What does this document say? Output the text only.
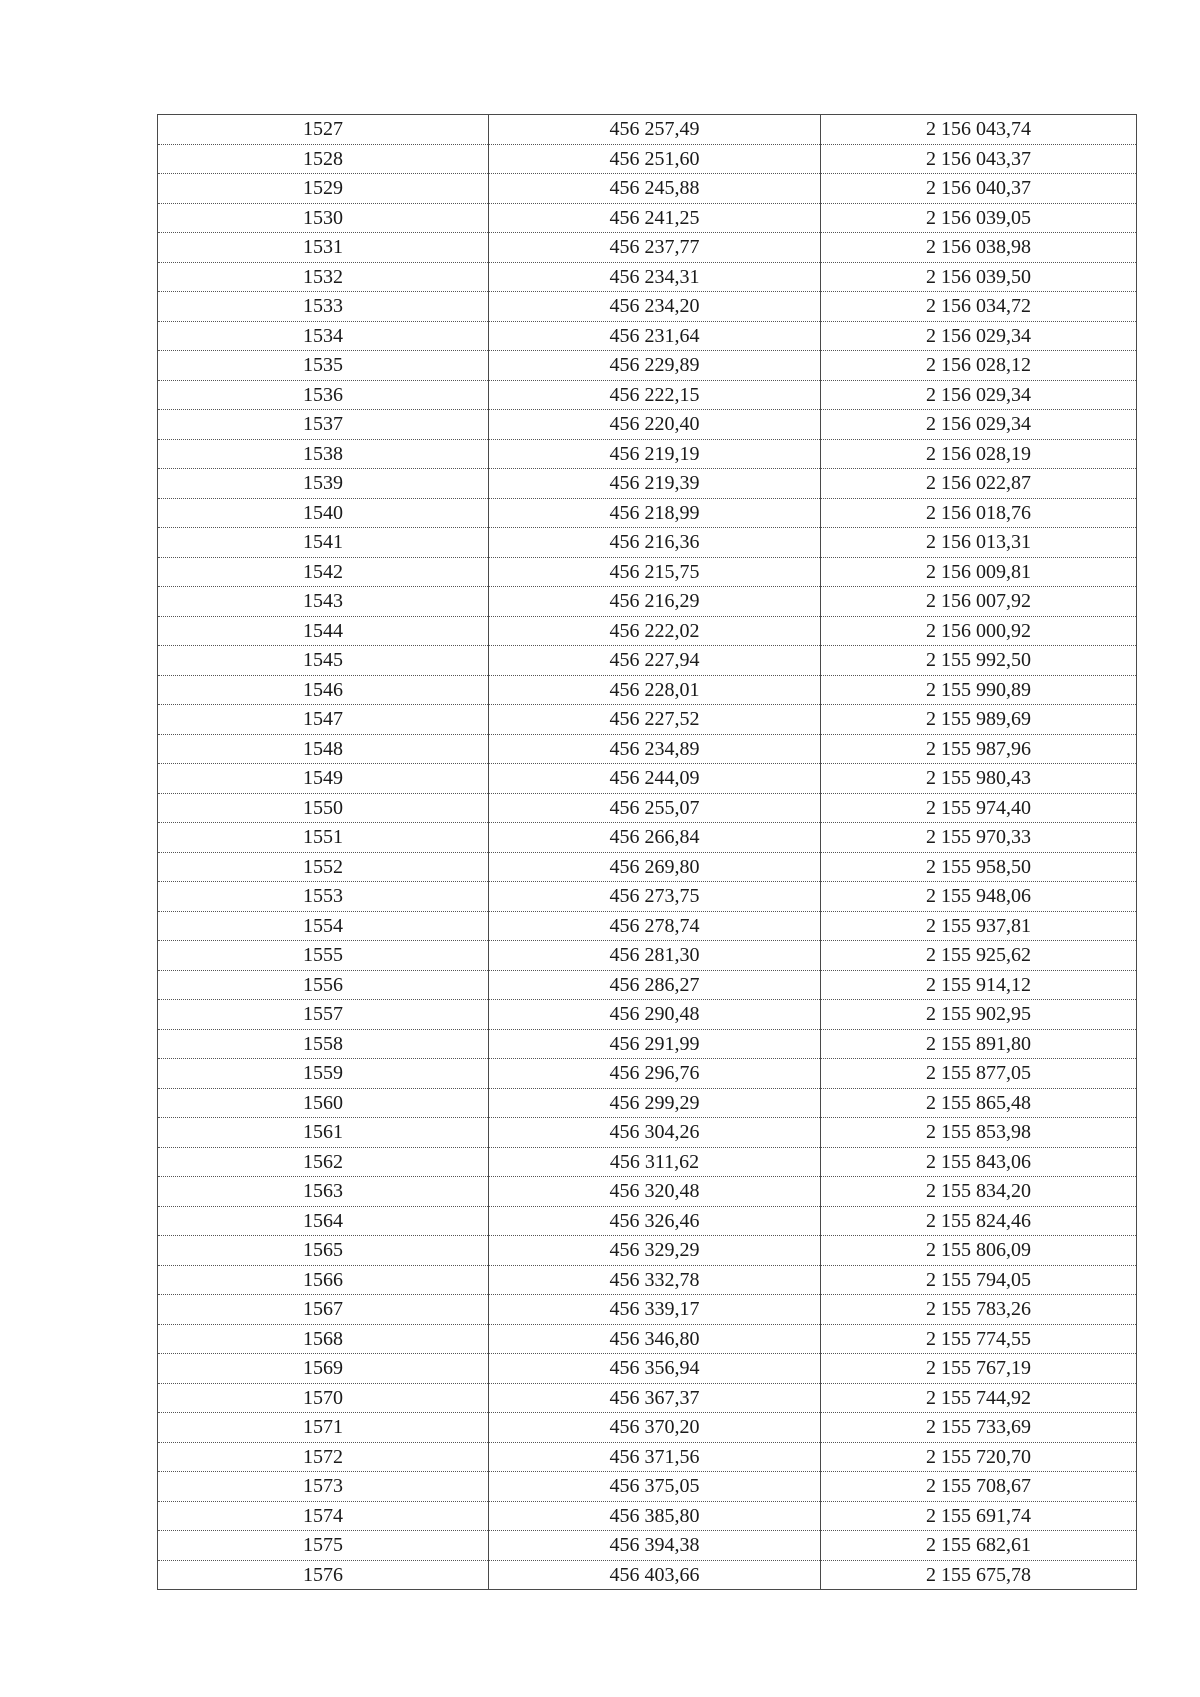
1527	456 257,49	2 156 043,74
1528	456 251,60	2 156 043,37
1529	456 245,88	2 156 040,37
1530	456 241,25	2 156 039,05
1531	456 237,77	2 156 038,98
1532	456 234,31	2 156 039,50
1533	456 234,20	2 156 034,72
1534	456 231,64	2 156 029,34
1535	456 229,89	2 156 028,12
1536	456 222,15	2 156 029,34
1537	456 220,40	2 156 029,34
1538	456 219,19	2 156 028,19
1539	456 219,39	2 156 022,87
1540	456 218,99	2 156 018,76
1541	456 216,36	2 156 013,31
1542	456 215,75	2 156 009,81
1543	456 216,29	2 156 007,92
1544	456 222,02	2 156 000,92
1545	456 227,94	2 155 992,50
1546	456 228,01	2 155 990,89
1547	456 227,52	2 155 989,69
1548	456 234,89	2 155 987,96
1549	456 244,09	2 155 980,43
1550	456 255,07	2 155 974,40
1551	456 266,84	2 155 970,33
1552	456 269,80	2 155 958,50
1553	456 273,75	2 155 948,06
1554	456 278,74	2 155 937,81
1555	456 281,30	2 155 925,62
1556	456 286,27	2 155 914,12
1557	456 290,48	2 155 902,95
1558	456 291,99	2 155 891,80
1559	456 296,76	2 155 877,05
1560	456 299,29	2 155 865,48
1561	456 304,26	2 155 853,98
1562	456 311,62	2 155 843,06
1563	456 320,48	2 155 834,20
1564	456 326,46	2 155 824,46
1565	456 329,29	2 155 806,09
1566	456 332,78	2 155 794,05
1567	456 339,17	2 155 783,26
1568	456 346,80	2 155 774,55
1569	456 356,94	2 155 767,19
1570	456 367,37	2 155 744,92
1571	456 370,20	2 155 733,69
1572	456 371,56	2 155 720,70
1573	456 375,05	2 155 708,67
1574	456 385,80	2 155 691,74
1575	456 394,38	2 155 682,61
1576	456 403,66	2 155 675,78
